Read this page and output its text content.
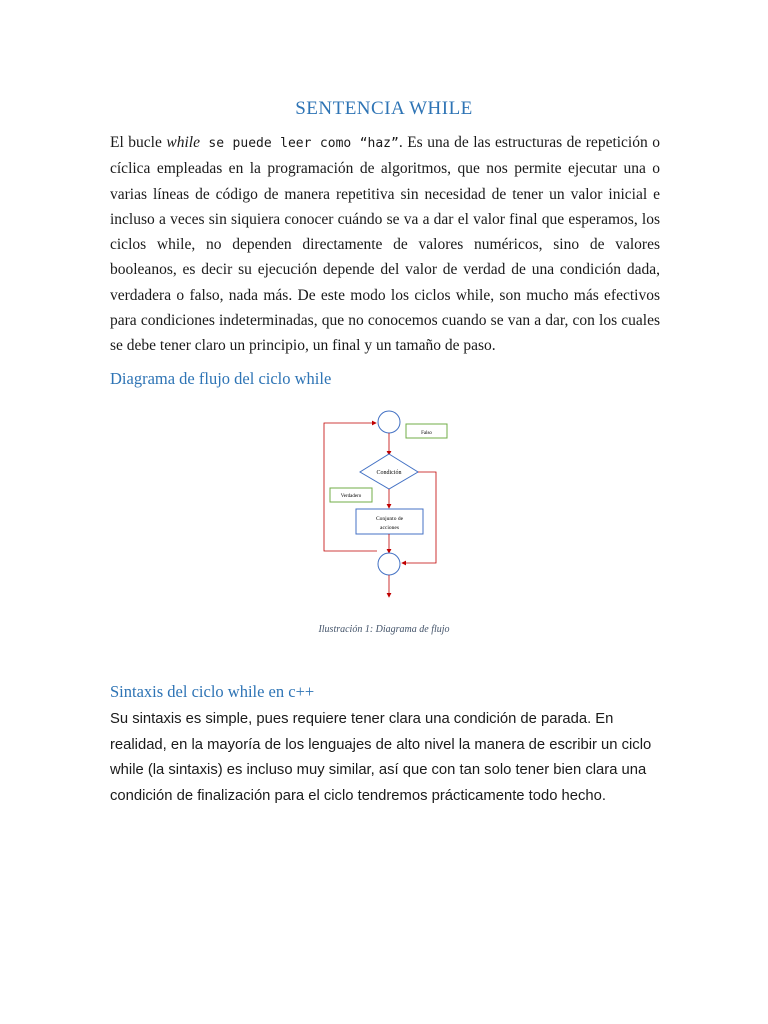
SENTENCIA WHILE

El bucle while se puede leer como “haz”. Es una de las estructuras de repetición o cíclica empleadas en la programación de algoritmos, que nos permite ejecutar una o varias líneas de código de manera repetitiva sin necesidad de tener un valor inicial e incluso a veces sin siquiera conocer cuándo se va a dar el valor final que esperamos, los ciclos while, no dependen directamente de valores numéricos, sino de valores booleanos, es decir su ejecución depende del valor de verdad de una condición dada, verdadera o falso, nada más. De este modo los ciclos while, son mucho más efectivos para condiciones indeterminadas, que no conocemos cuando se van a dar, con los cuales se debe tener claro un principio, un final y un tamaño de paso.

Diagrama de flujo del ciclo while
Falso
Condición
Verdadero
Conjunto de
acciones

Ilustración 1: Diagrama de flujo

Sintaxis del ciclo while en c++

Su sintaxis es simple, pues requiere tener clara una condición de parada. En realidad, en la mayoría de los lenguajes de alto nivel la manera de escribir un ciclo while (la sintaxis) es incluso muy similar, así que con tan solo tener bien clara una condición de finalización para el ciclo tendremos prácticamente todo hecho.
